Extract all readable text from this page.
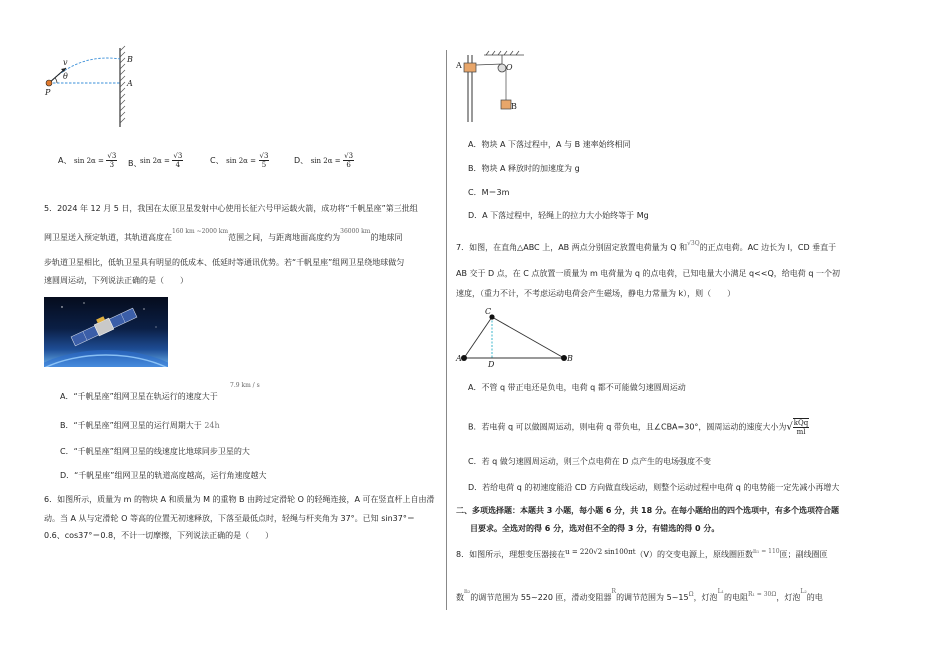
v
θ
P
B
A
A、 $\sin 2\alpha = \frac{√3}{3}$	$\sin 2\alpha = \frac{√3}{4}$
B、	C、 $\sin 2\alpha = \frac{√3}{5}$	D、 $\sin 2\alpha = \frac{√3}{6}$
5．2024 年 12 月 5 日，我国在太原卫星发射中心使用长征六号甲运载火箭，成功将“千帆星座”第三批组
网卫星送入预定轨道，其轨道高度在$^{160 km \sim 2000 km}$范围之间，与距离地面高度约为$^{36000 km}$的地球同
步轨道卫星相比，低轨卫星具有明显的低成本、低延时等通讯优势。若“千帆星座”组网卫星绕地球做匀
速圆周运动，下列说法正确的是（　　）
7.9 km / s
A．“千帆星座”组网卫星在轨运行的速度大于
B．“千帆星座”组网卫星的运行周期大于 24h
C．“千帆星座”组网卫星的线速度比地球同步卫星的大
D．“千帆星座”组网卫星的轨道高度越高，运行角速度越大
6．如图所示，质量为 m 的物块 A 和质量为 M 的重物 B 由跨过定滑轮 O 的轻绳连接，A 可在竖直杆上自由滑
动。当 A 从与定滑轮 O 等高的位置无初速释放，下落至最低点时，轻绳与杆夹角为 37°。已知 sin37°＝
0.6、cos37°＝0.8，不计一切摩擦，下列说法正确的是（　　）
A	O
B
A．物块 A 下落过程中，A 与 B 速率始终相同
B．物块 A 释放时的加速度为 g
C．M＝3m
D．A 下落过程中，轻绳上的拉力大小始终等于 Mg
7．如图，在直角△ABC 上，AB 两点分别固定放置电荷量为 Q 和$^{√3Q}$的正点电荷。AC 边长为 l，CD 垂直于
AB 交于 D 点，在 C 点放置一质量为 m 电荷量为 q 的点电荷，已知电量大小满足 q<<Q，给电荷 q 一个初
速度，（重力不计，不考虑运动电荷会产生磁场，静电力常量为 k），则（　　）
C
A
D
B
A．不管 q 带正电还是负电，电荷 q 都不可能做匀速圆周运动
B．若电荷 q 可以做圆周运动，则电荷 q 带负电，且∠CBA=30°，圆周运动的速度大小为√ $\frac{\text{kQq}}{ml}$
C．若 q 做匀速圆周运动，则三个点电荷在 D 点产生的电场强度不变
D．若给电荷 q 的初速度能沿 CD 方向做直线运动，则整个运动过程中电荷 q 的电势能一定先减小再增大
二、多项选择题：本题共 3 小题，每小题 6 分，共 18 分。在每小题给出的四个选项中，有多个选项符合题
目要求。全选对的得 6 分，选对但不全的得 3 分，有错选的得 0 分。
8．如图所示，理想变压器接在u = 220√2 sin100πt（V）的交变电源上，原线圈匝数$^{n_1 = 110}$匝；副线圈匝
数$^{n_2}$的调节范围为 55~220 匝，滑动变阻器$^R$的调节范围为 $5\sim 15^\Omega$，灯泡$^{L_1}$的电阻$^{R_1 = 30\Omega}$，灯泡$^{L_2}$的电
